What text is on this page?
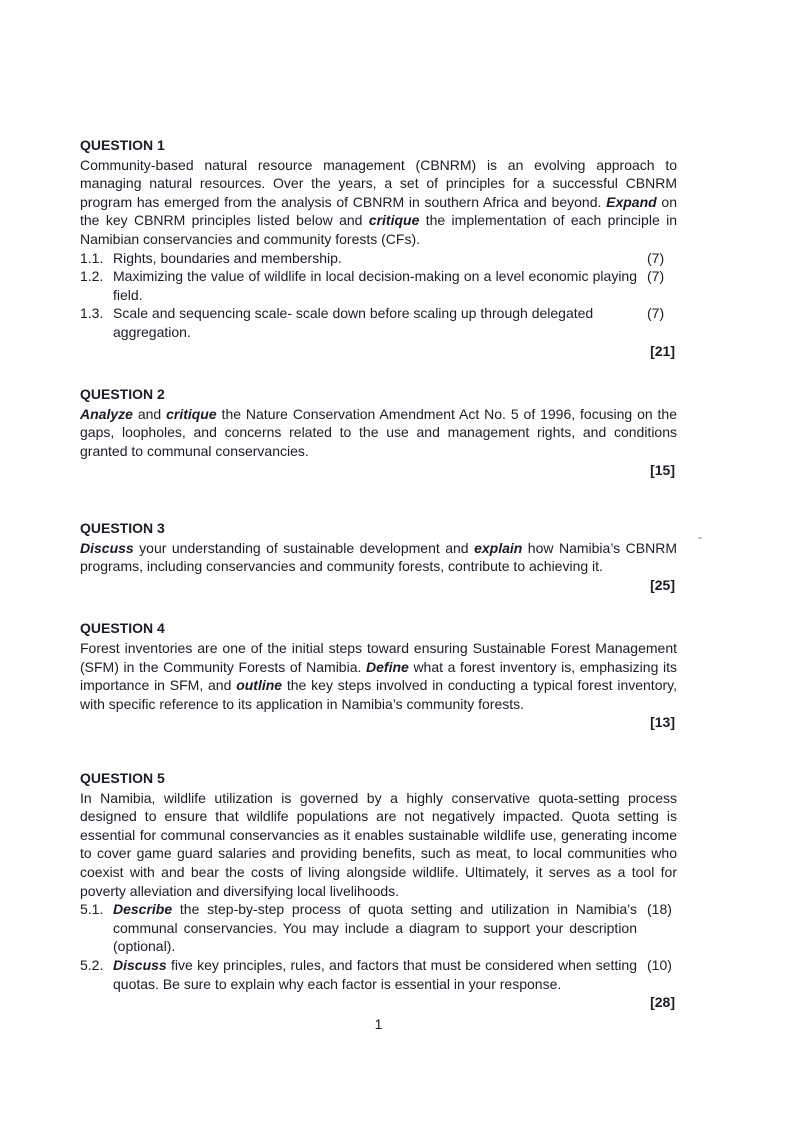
QUESTION 1

Community-based natural resource management (CBNRM) is an evolving approach to managing natural resources. Over the years, a set of principles for a successful CBNRM program has emerged from the analysis of CBNRM in southern Africa and beyond. Expand on the key CBNRM principles listed below and critique the implementation of each principle in Namibian conservancies and community forests (CFs).

1.1. Rights, boundaries and membership.	(7)
1.2. Maximizing the value of wildlife in local decision-making on a level economic playing field.
(7)
1.3. Scale and sequencing scale- scale down before scaling up through delegated aggregation.
(7)
[21]
QUESTION 2

Analyze and critique the Nature Conservation Amendment Act No. 5 of 1996, focusing on the gaps, loopholes, and concerns related to the use and management rights, and conditions granted to communal conservancies.

[15]
QUESTION 3

Discuss your understanding of sustainable development and explain how Namibia’s CBNRM programs, including conservancies and community forests, contribute to achieving it.

[25]
QUESTION 4

Forest inventories are one of the initial steps toward ensuring Sustainable Forest Management (SFM) in the Community Forests of Namibia. Define what a forest inventory is, emphasizing its importance in SFM, and outline the key steps involved in conducting a typical forest inventory, with specific reference to its application in Namibia’s community forests.

[13]
QUESTION 5

In Namibia, wildlife utilization is governed by a highly conservative quota-setting process designed to ensure that wildlife populations are not negatively impacted. Quota setting is essential for communal conservancies as it enables sustainable wildlife use, generating income to cover game guard salaries and providing benefits, such as meat, to local communities who coexist with and bear the costs of living alongside wildlife. Ultimately, it serves as a tool for poverty alleviation and diversifying local livelihoods.

5.1. Describe the step-by-step process of quota setting and utilization in Namibia’s communal conservancies. You may include a diagram to support your description (optional).
(18)
5.2. Discuss five key principles, rules, and factors that must be considered when setting quotas. Be sure to explain why each factor is essential in your response.
(10)
[28]
1
